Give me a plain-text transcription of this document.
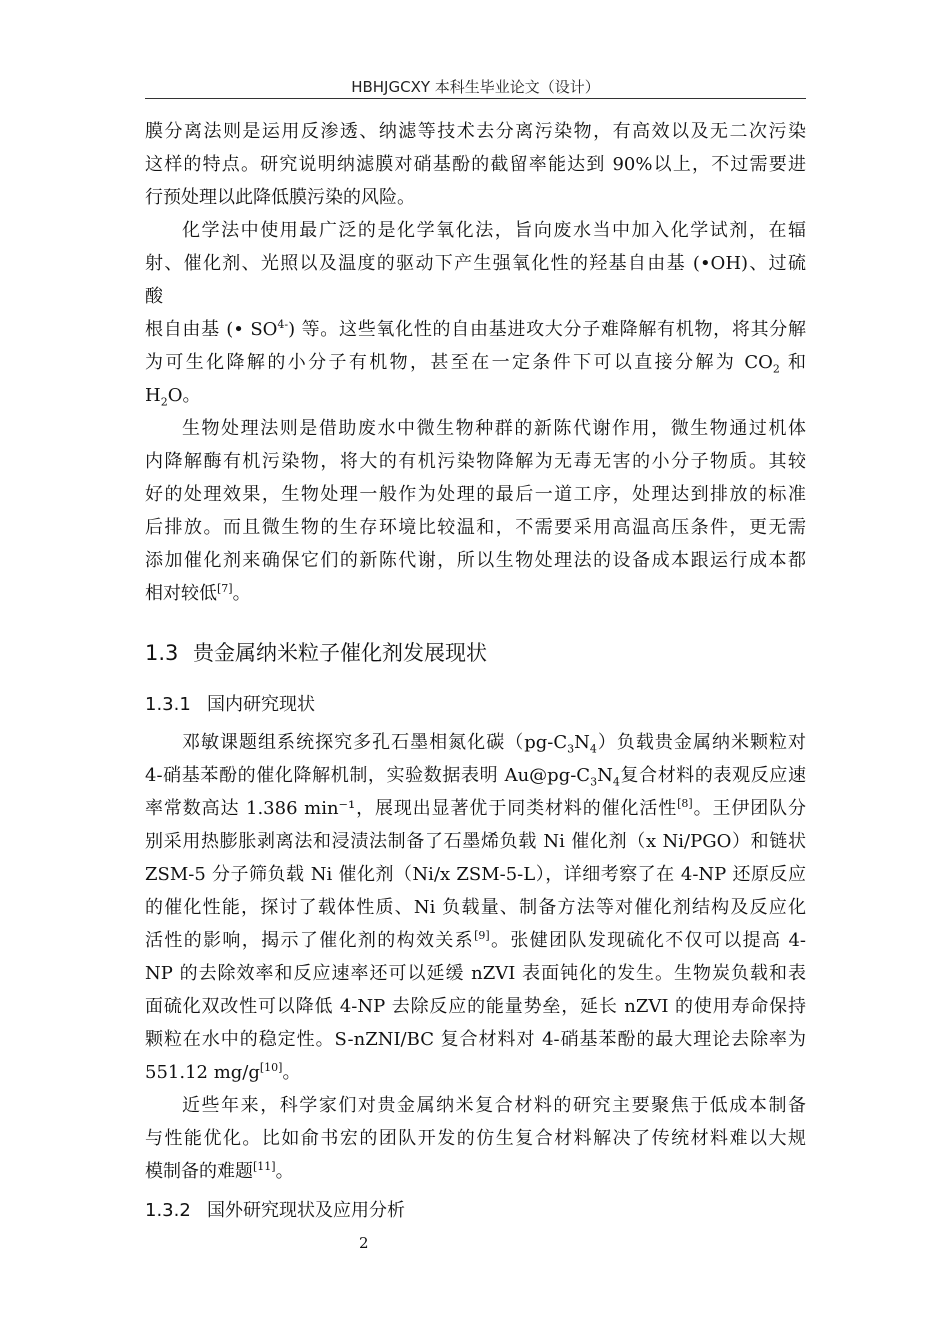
HBHJGCXY 本科生毕业论文（设计）
膜分离法则是运用反渗透、纳滤等技术去分离污染物，有高效以及无二次污染
这样的特点。研究说明纳滤膜对硝基酚的截留率能达到 90%以上，不过需要进
行预处理以此降低膜污染的风险。
化学法中使用最广泛的是化学氧化法，旨向废水当中加入化学试剂，在辐
射、催化剂、光照以及温度的驱动下产生强氧化性的羟基自由基 (•OH)、过硫
酸
根自由基 (• $SO^{4-}$) 等。这些氧化性的自由基进攻大分子难降解有机物，将其分解
为可生化降解的小分子有机物，甚至在一定条件下可以直接分解为 $CO_2$ 和
$H_2O$。
生物处理法则是借助废水中微生物种群的新陈代谢作用，微生物通过机体
内降解酶有机污染物，将大的有机污染物降解为无毒无害的小分子物质。其较
好的处理效果，生物处理一般作为处理的最后一道工序，处理达到排放的标准
后排放。而且微生物的生存环境比较温和，不需要采用高温高压条件，更无需
添加催化剂来确保它们的新陈代谢，所以生物处理法的设备成本跟运行成本都
相对较低[7]。
1.3 贵金属纳米粒子催化剂发展现状
1.3.1 国内研究现状
邓敏课题组系统探究多孔石墨相氮化碳$(pg-C_3N_4)$负载贵金属纳米颗粒对
4-硝基苯酚的催化降解机制，实验数据表明 $Au@pg-C_3N_4$复合材料的表观反应速
率常数高达 1.386 min⁻¹，展现出显著优于同类材料的催化活性[8]。王伊团队分
别采用热膨胀剥离法和浸渍法制备了石墨烯负载 Ni 催化剂（x Ni/PGO）和链状
ZSM-5 分子筛负载 Ni 催化剂（Ni/x ZSM-5-L），详细考察了在 4-NP 还原反应
的催化性能，探讨了载体性质、Ni 负载量、制备方法等对催化剂结构及反应化
活性的影响，揭示了催化剂的构效关系[9]。张健团队发现硫化不仅可以提高 4-
NP 的去除效率和反应速率还可以延缓 nZVI 表面钝化的发生。生物炭负载和表
面硫化双改性可以降低 4-NP 去除反应的能量势垒，延长 nZVI 的使用寿命保持
颗粒在水中的稳定性。S-nZNI/BC 复合材料对 4-硝基苯酚的最大理论去除率为
551.12 mg/g[10]。
近些年来，科学家们对贵金属纳米复合材料的研究主要聚焦于低成本制备
与性能优化。比如俞书宏的团队开发的仿生复合材料解决了传统材料难以大规
模制备的难题[11]。
1.3.2 国外研究现状及应用分析
2
